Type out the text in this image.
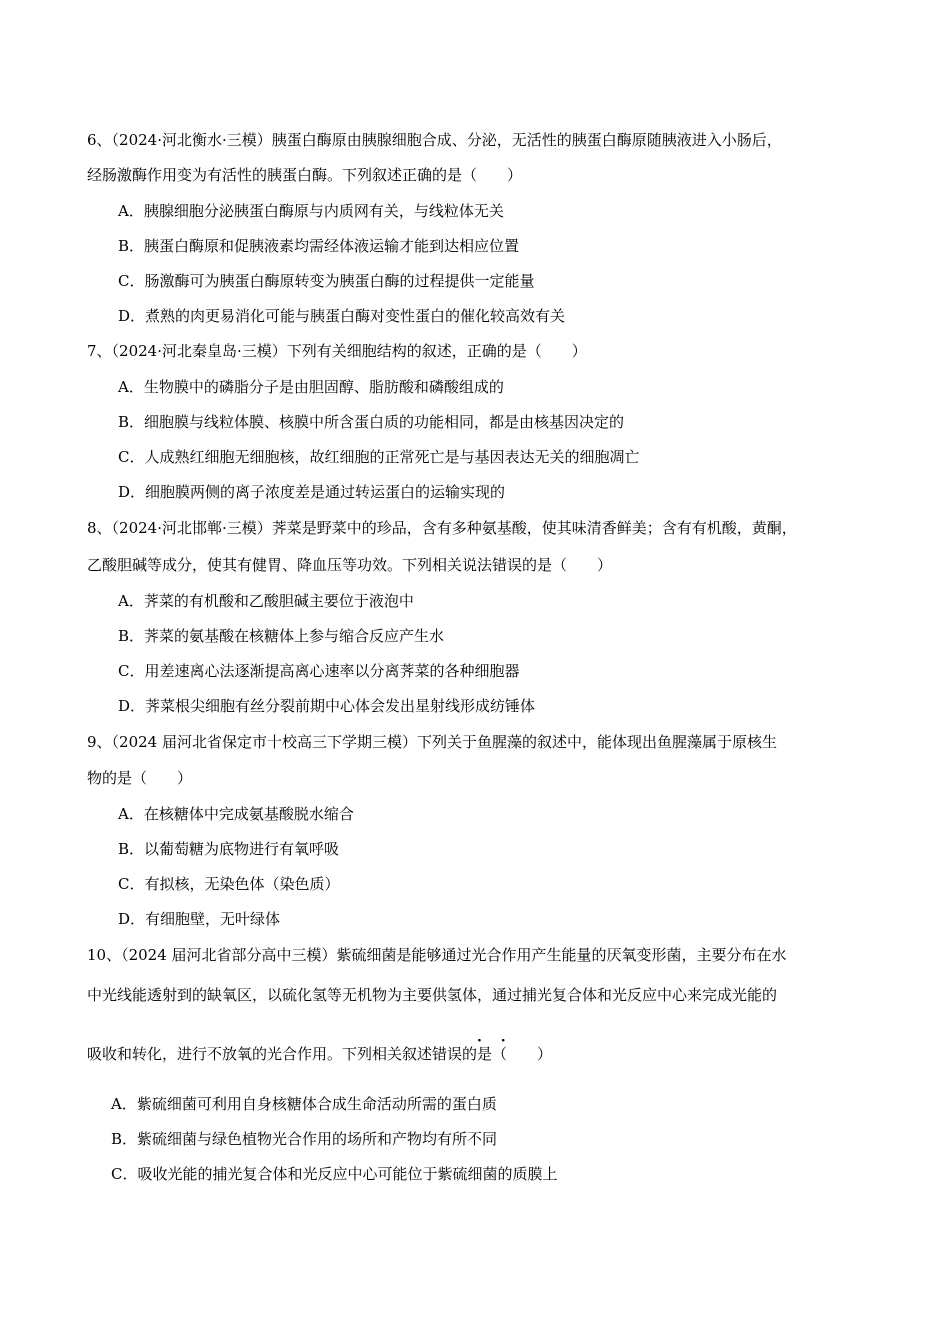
6、（2024·河北衡水·三模）胰蛋白酶原由胰腺细胞合成、分泌，无活性的胰蛋白酶原随胰液进入小肠后，
经肠激酶作用变为有活性的胰蛋白酶。下列叙述正确的是（　　）
A．胰腺细胞分泌胰蛋白酶原与内质网有关，与线粒体无关
B．胰蛋白酶原和促胰液素均需经体液运输才能到达相应位置
C．肠激酶可为胰蛋白酶原转变为胰蛋白酶的过程提供一定能量
D．煮熟的肉更易消化可能与胰蛋白酶对变性蛋白的催化较高效有关
7、（2024·河北秦皇岛·三模）下列有关细胞结构的叙述，正确的是（　　）
A．生物膜中的磷脂分子是由胆固醇、脂肪酸和磷酸组成的
B．细胞膜与线粒体膜、核膜中所含蛋白质的功能相同，都是由核基因决定的
C．人成熟红细胞无细胞核，故红细胞的正常死亡是与基因表达无关的细胞凋亡
D．细胞膜两侧的离子浓度差是通过转运蛋白的运输实现的
8、（2024·河北邯郸·三模）荠菜是野菜中的珍品，含有多种氨基酸，使其味清香鲜美；含有有机酸，黄酮，
乙酸胆碱等成分，使其有健胃、降血压等功效。下列相关说法错误的是（　　）
A．荠菜的有机酸和乙酸胆碱主要位于液泡中
B．荠菜的氨基酸在核糖体上参与缩合反应产生水
C．用差速离心法逐渐提高离心速率以分离荠菜的各种细胞器
D．荠菜根尖细胞有丝分裂前期中心体会发出星射线形成纺锤体
9、（2024 届河北省保定市十校高三下学期三模）下列关于鱼腥藻的叙述中，能体现出鱼腥藻属于原核生
物的是（　　）
A．在核糖体中完成氨基酸脱水缩合
B．以葡萄糖为底物进行有氧呼吸
C．有拟核，无染色体（染色质）
D．有细胞壁，无叶绿体
10、（2024 届河北省部分高中三模）紫硫细菌是能够通过光合作用产生能量的厌氧变形菌，主要分布在水
中光线能透射到的缺氧区，以硫化氢等无机物为主要供氢体，通过捕光复合体和光反应中心来完成光能的
· ·
吸收和转化，进行不放氧的光合作用。下列相关叙述错误的是（　　）
A．紫硫细菌可利用自身核糖体合成生命活动所需的蛋白质
B．紫硫细菌与绿色植物光合作用的场所和产物均有所不同
C．吸收光能的捕光复合体和光反应中心可能位于紫硫细菌的质膜上
